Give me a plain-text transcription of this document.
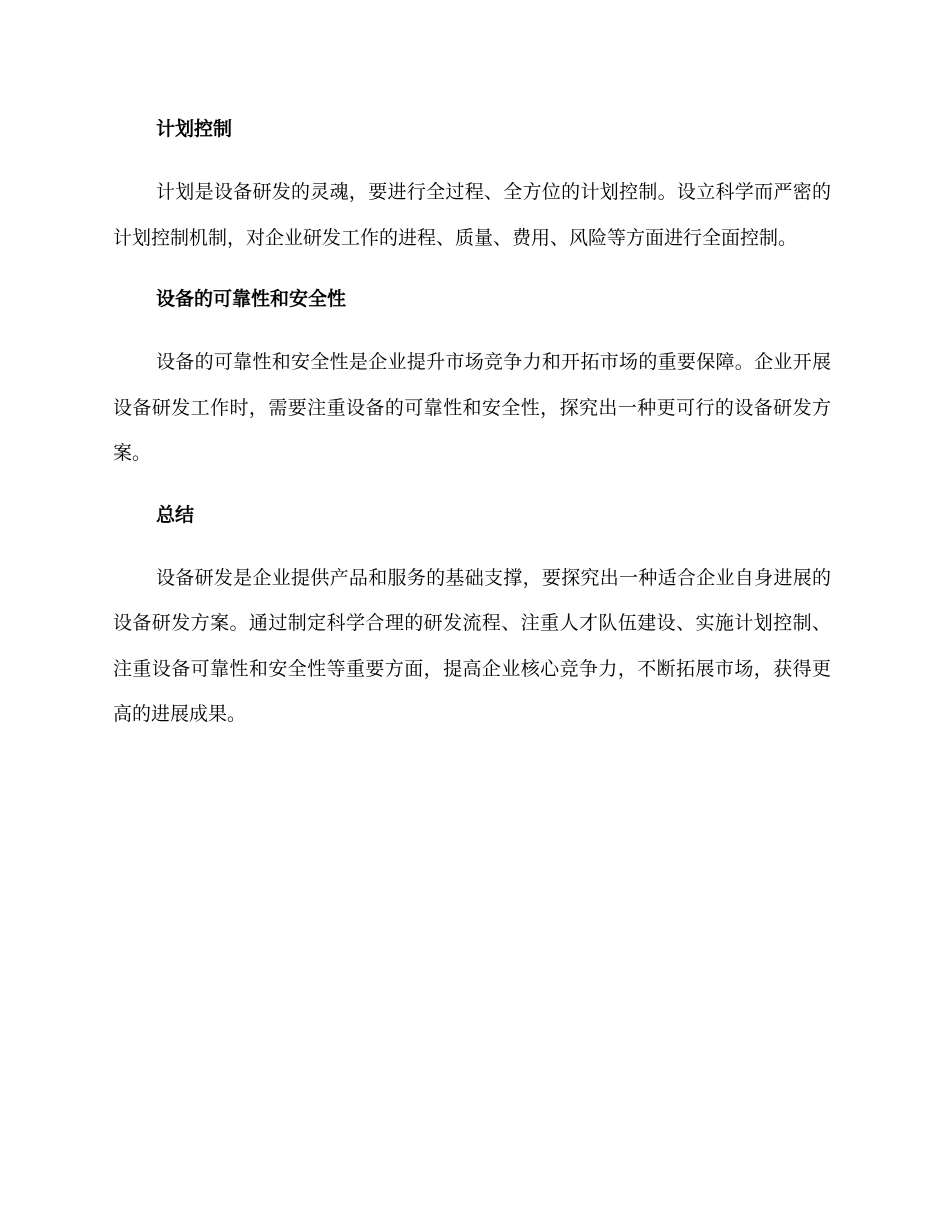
计划控制

计划是设备研发的灵魂，要进行全过程、全方位的计划控制。设立科学而严密的计划控制机制，对企业研发工作的进程、质量、费用、风险等方面进行全面控制。

设备的可靠性和安全性

设备的可靠性和安全性是企业提升市场竞争力和开拓市场的重要保障。企业开展设备研发工作时，需要注重设备的可靠性和安全性，探究出一种更可行的设备研发方案。

总结

设备研发是企业提供产品和服务的基础支撑，要探究出一种适合企业自身进展的设备研发方案。通过制定科学合理的研发流程、注重人才队伍建设、实施计划控制、注重设备可靠性和安全性等重要方面，提高企业核心竞争力，不断拓展市场，获得更高的进展成果。
